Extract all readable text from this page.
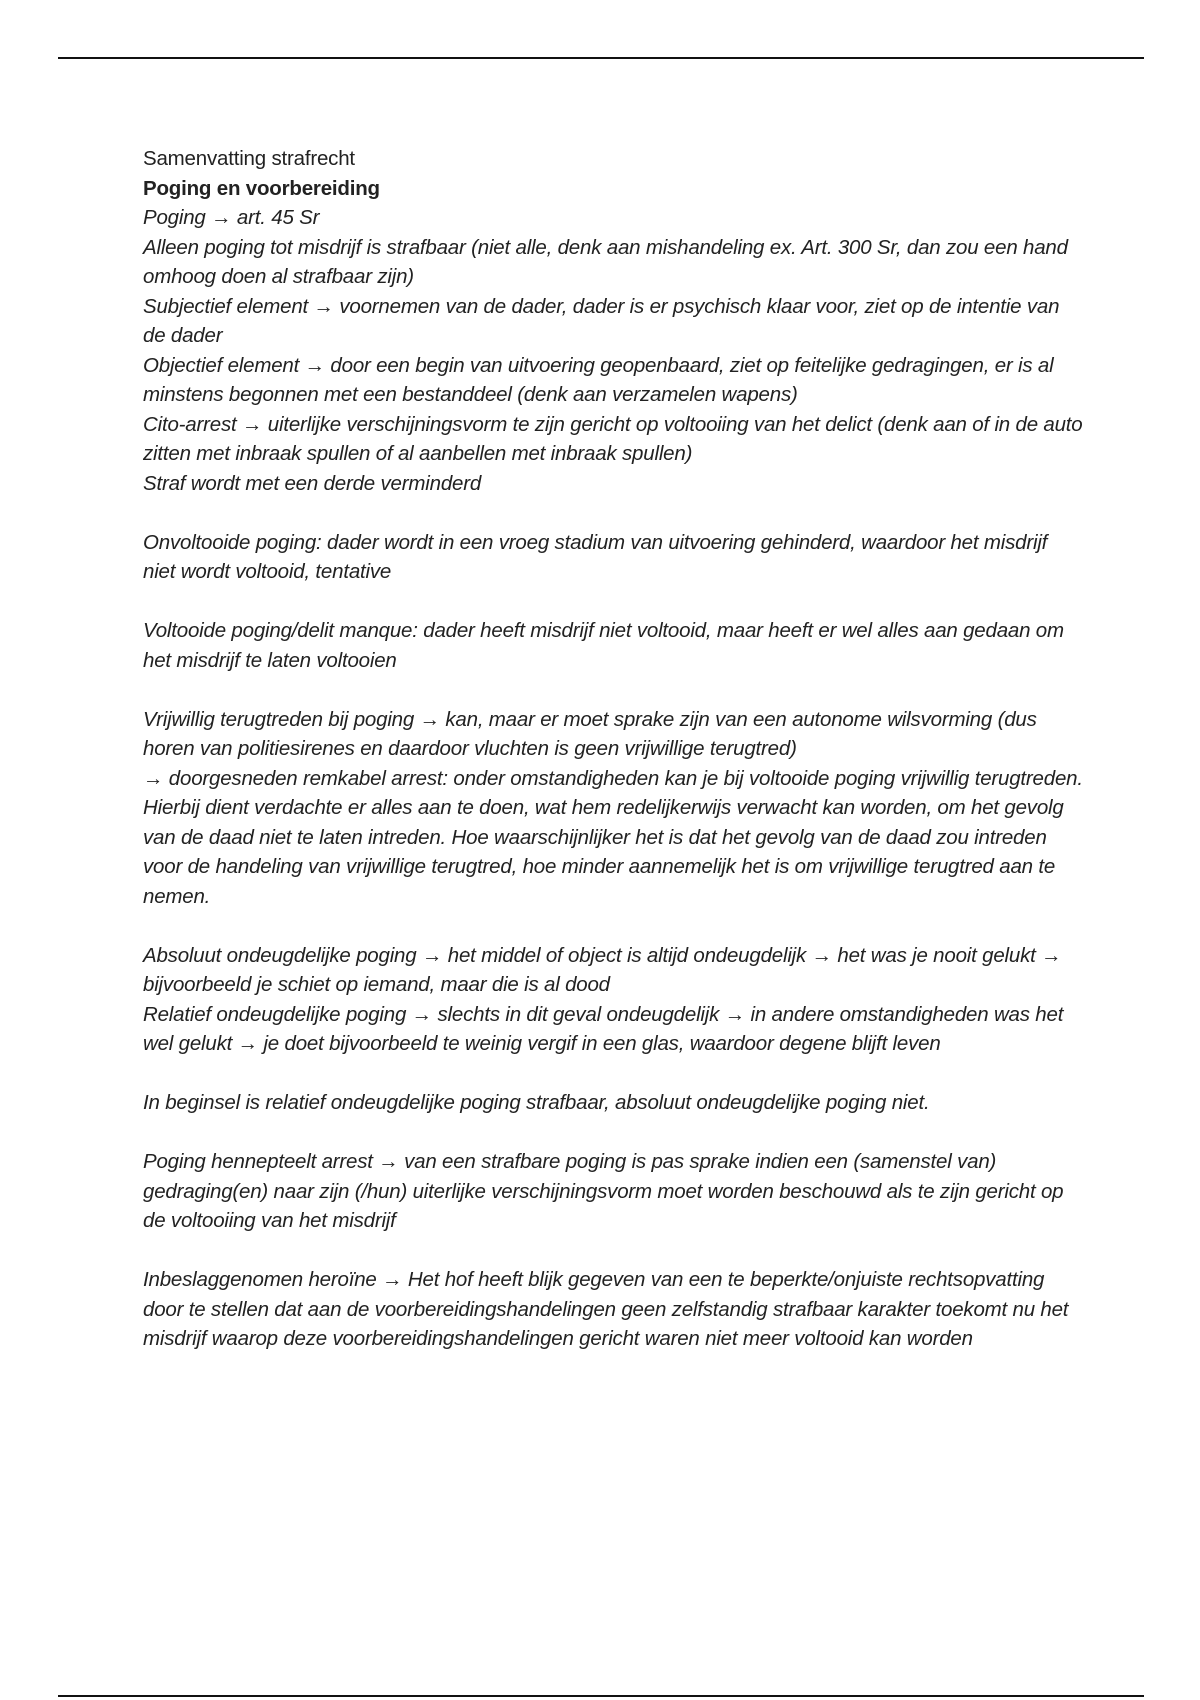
Samenvatting strafrecht

Poging en voorbereiding

Poging → art. 45 Sr

Alleen poging tot misdrijf is strafbaar (niet alle, denk aan mishandeling ex. Art. 300 Sr, dan zou een hand omhoog doen al strafbaar zijn)

Subjectief element → voornemen van de dader, dader is er psychisch klaar voor, ziet op de intentie van de dader

Objectief element → door een begin van uitvoering geopenbaard, ziet op feitelijke gedragingen, er is al minstens begonnen met een bestanddeel (denk aan verzamelen wapens)

Cito-arrest → uiterlijke verschijningsvorm te zijn gericht op voltooiing van het delict (denk aan of in de auto zitten met inbraak spullen of al aanbellen met inbraak spullen)

Straf wordt met een derde verminderd

Onvoltooide poging: dader wordt in een vroeg stadium van uitvoering gehinderd, waardoor het misdrijf niet wordt voltooid, tentative

Voltooide poging/delit manque: dader heeft misdrijf niet voltooid, maar heeft er wel alles aan gedaan om het misdrijf te laten voltooien

Vrijwillig terugtreden bij poging → kan, maar er moet sprake zijn van een autonome wilsvorming (dus horen van politiesirenes en daardoor vluchten is geen vrijwillige terugtred)

→ doorgesneden remkabel arrest: onder omstandigheden kan je bij voltooide poging vrijwillig terugtreden. Hierbij dient verdachte er alles aan te doen, wat hem redelijkerwijs verwacht kan worden, om het gevolg van de daad niet te laten intreden. Hoe waarschijnlijker het is dat het gevolg van de daad zou intreden voor de handeling van vrijwillige terugtred, hoe minder aannemelijk het is om vrijwillige terugtred aan te nemen.

Absoluut ondeugdelijke poging → het middel of object is altijd ondeugdelijk → het was je nooit gelukt → bijvoorbeeld je schiet op iemand, maar die is al dood

Relatief ondeugdelijke poging → slechts in dit geval ondeugdelijk → in andere omstandigheden was het wel gelukt → je doet bijvoorbeeld te weinig vergif in een glas, waardoor degene blijft leven

In beginsel is relatief ondeugdelijke poging strafbaar, absoluut ondeugdelijke poging niet.

Poging hennepteelt arrest → van een strafbare poging is pas sprake indien een (samenstel van) gedraging(en) naar zijn (/hun) uiterlijke verschijningsvorm moet worden beschouwd als te zijn gericht op de voltooiing van het misdrijf

Inbeslaggenomen heroïne → Het hof heeft blijk gegeven van een te beperkte/onjuiste rechtsopvatting door te stellen dat aan de voorbereidingshandelingen geen zelfstandig strafbaar karakter toekomt nu het misdrijf waarop deze voorbereidingshandelingen gericht waren niet meer voltooid kan worden
